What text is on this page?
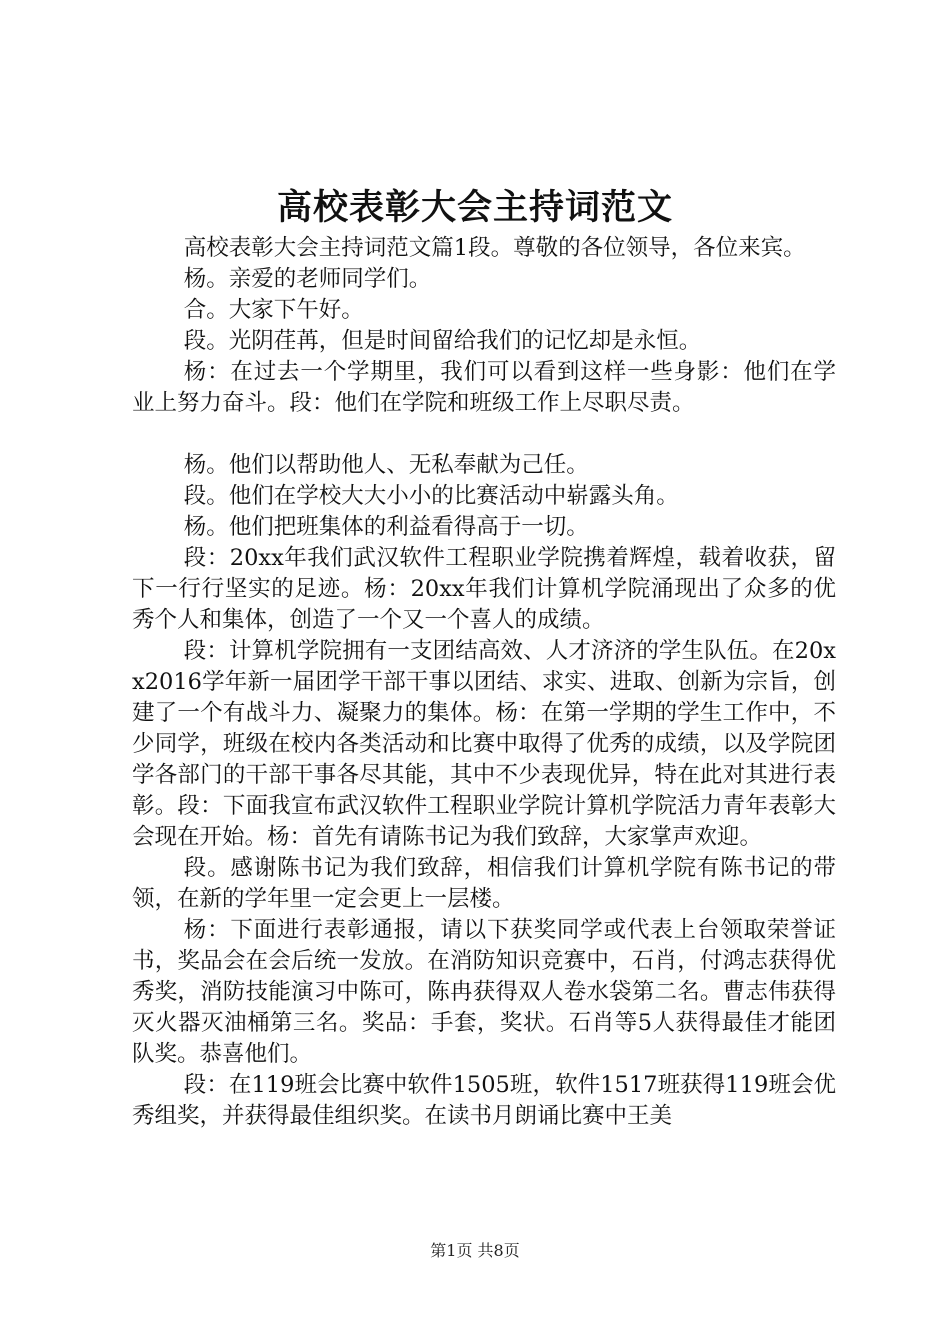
高校表彰大会主持词范文

高校表彰大会主持词范文篇1段。尊敬的各位领导，各位来宾。

杨。亲爱的老师同学们。

合。大家下午好。

段。光阴荏苒，但是时间留给我们的记忆却是永恒。

杨：在过去一个学期里，我们可以看到这样一些身影：他们在学业上努力奋斗。段：他们在学院和班级工作上尽职尽责。

杨。他们以帮助他人、无私奉献为己任。

段。他们在学校大大小小的比赛活动中崭露头角。

杨。他们把班集体的利益看得高于一切。

段：20xx年我们武汉软件工程职业学院携着辉煌，载着收获，留下一行行坚实的足迹。杨：20xx年我们计算机学院涌现出了众多的优秀个人和集体，创造了一个又一个喜人的成绩。

段：计算机学院拥有一支团结高效、人才济济的学生队伍。在20xx2016学年新一届团学干部干事以团结、求实、进取、创新为宗旨，创建了一个有战斗力、凝聚力的集体。杨：在第一学期的学生工作中，不少同学，班级在校内各类活动和比赛中取得了优秀的成绩，以及学院团学各部门的干部干事各尽其能，其中不少表现优异，特在此对其进行表彰。段：下面我宣布武汉软件工程职业学院计算机学院活力青年表彰大会现在开始。杨：首先有请陈书记为我们致辞，大家掌声欢迎。

段。感谢陈书记为我们致辞，相信我们计算机学院有陈书记的带领，在新的学年里一定会更上一层楼。

杨：下面进行表彰通报，请以下获奖同学或代表上台领取荣誉证书，奖品会在会后统一发放。在消防知识竞赛中，石肖，付鸿志获得优秀奖，消防技能演习中陈可，陈冉获得双人卷水袋第二名。曹志伟获得灭火器灭油桶第三名。奖品：手套，奖状。石肖等5人获得最佳才能团队奖。恭喜他们。

段：在119班会比赛中软件1505班，软件1517班获得119班会优秀组奖，并获得最佳组织奖。在读书月朗诵比赛中王美

第1页 共8页
